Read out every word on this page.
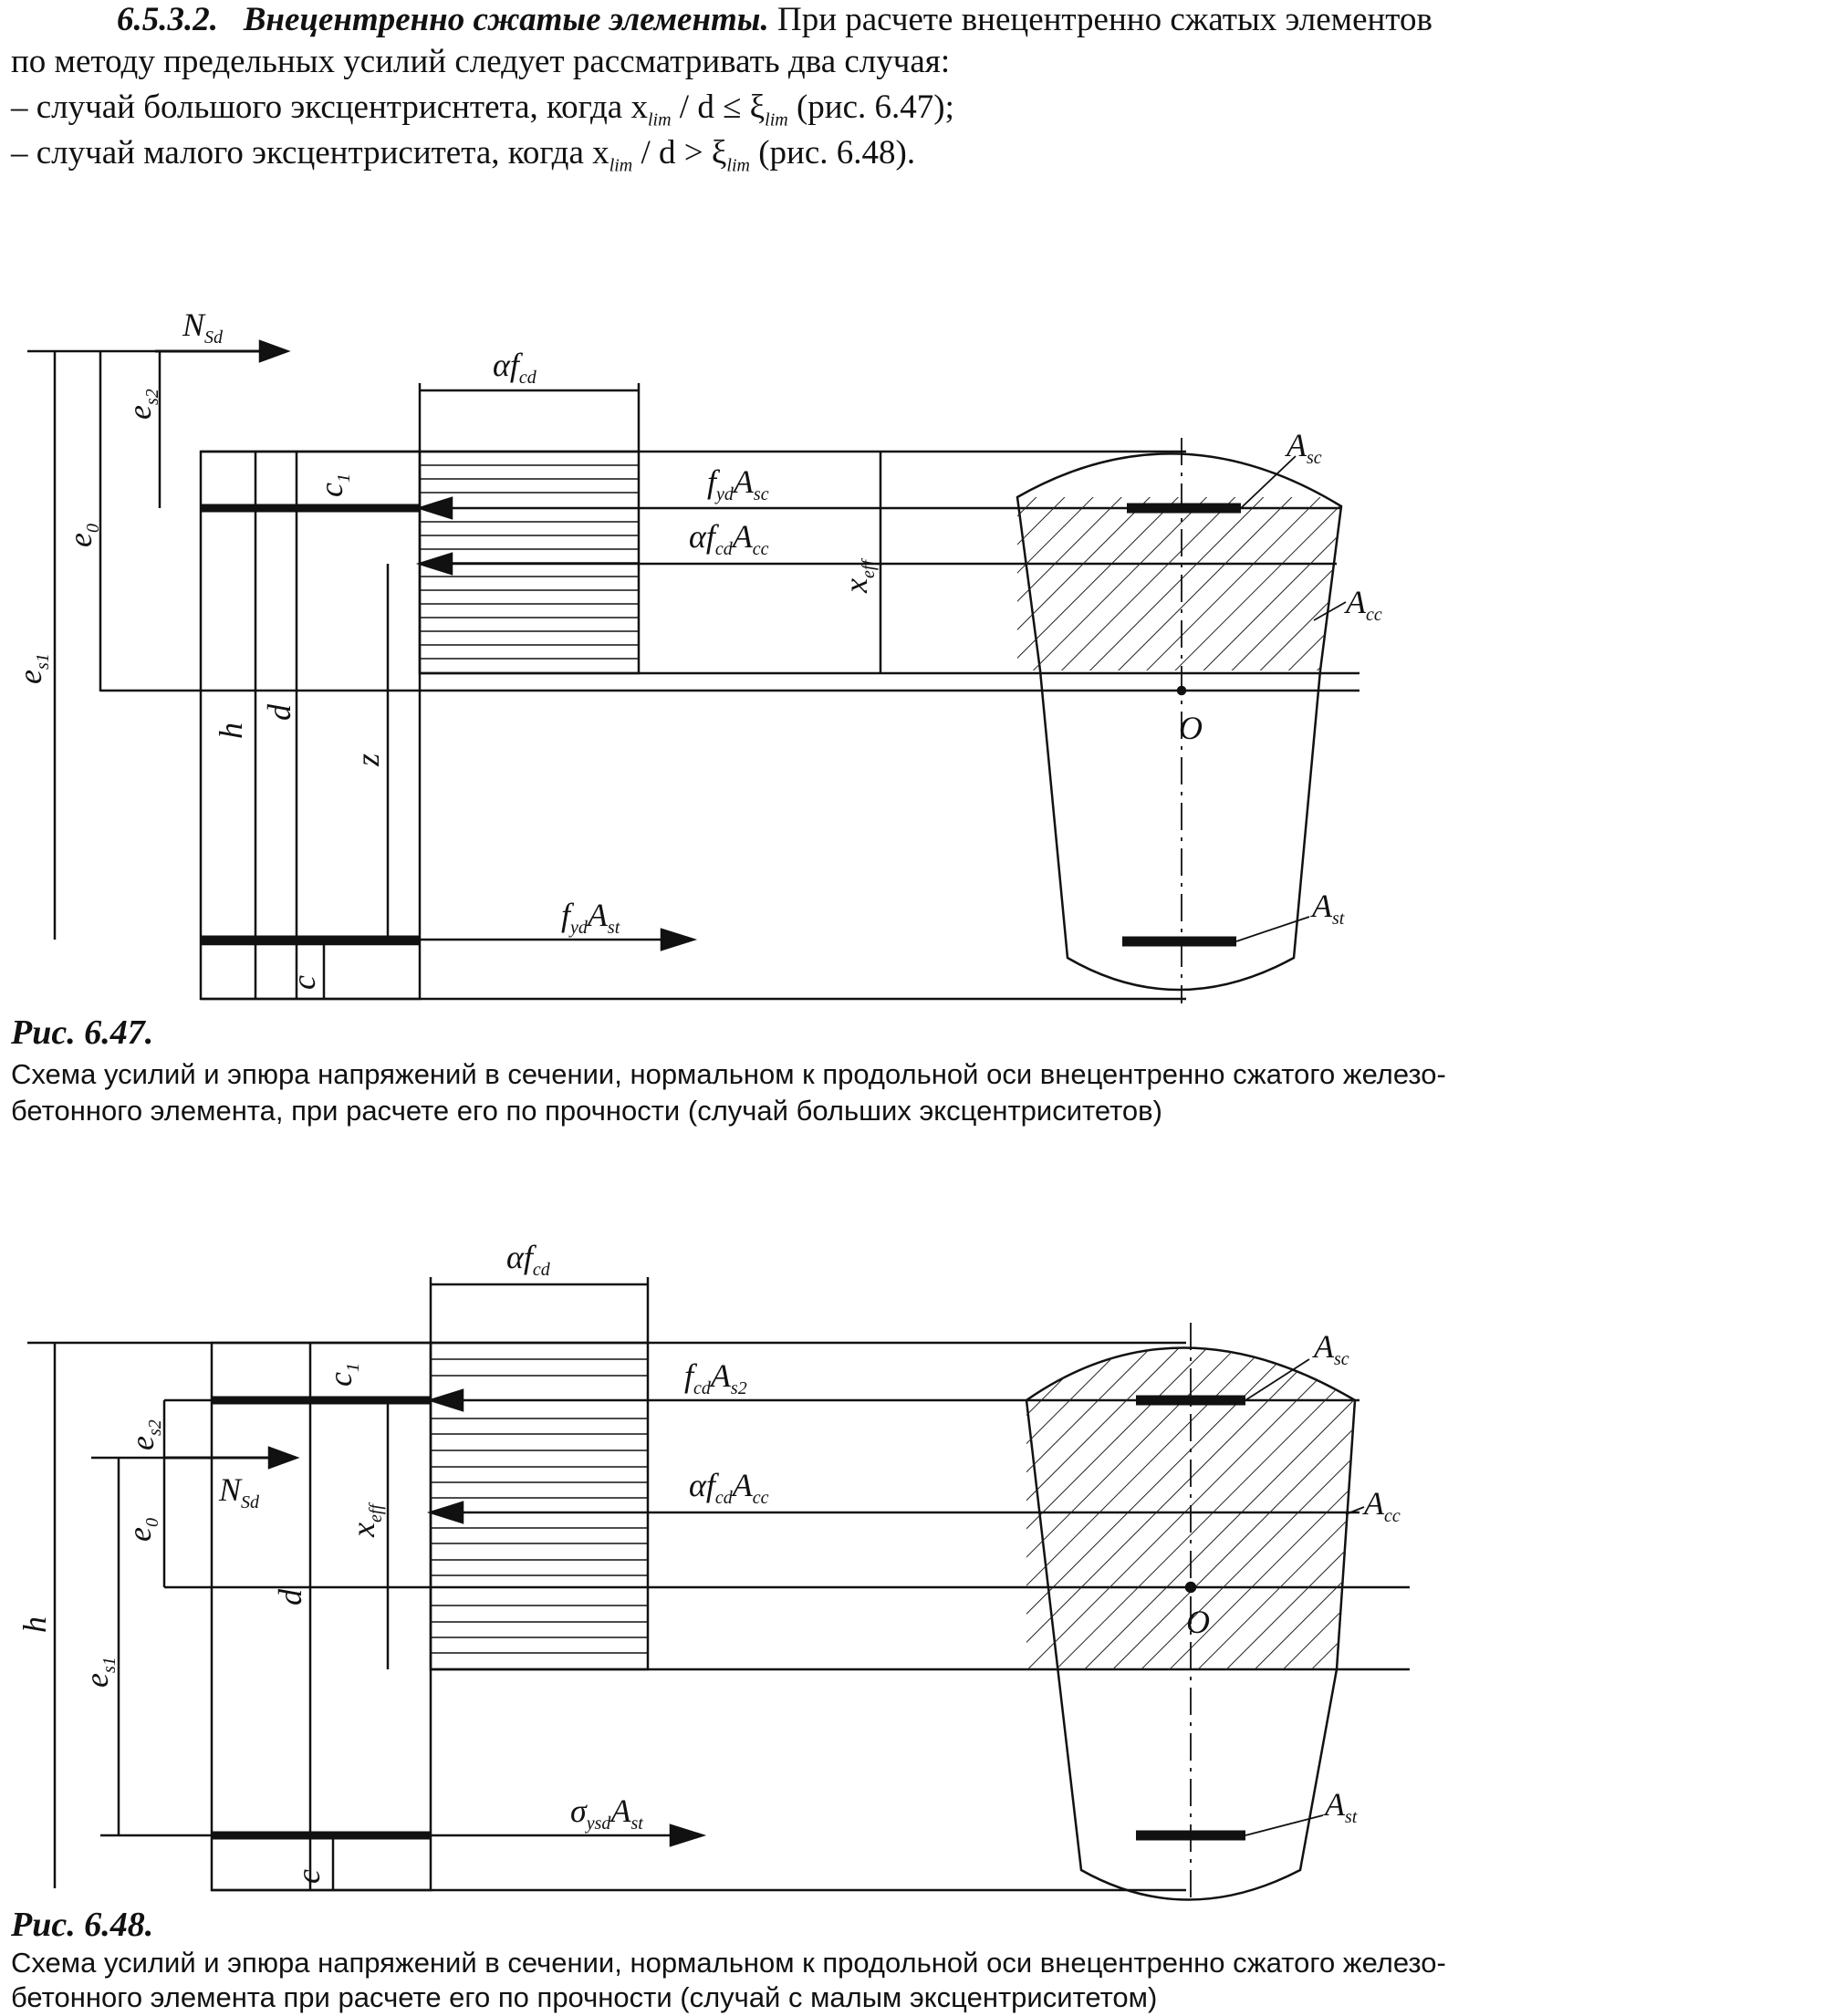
6.5.3.2. Внецентренно сжатые элементы. При расчете внецентренно сжатых элементов
по методу предельных усилий следует рассматривать два случая:
– случай большого эксцентриснтета, когда $x_{lim} / d \le \xi_{lim}$ (рис. 6.47);
– случай малого эксцентриситета, когда $x_{lim} / d > \xi_{lim}$ (рис. 6.48).
$N_{Sd}$
$\alpha f_{cd}$
$e_{s2}$
$e_0$
$e_{s1}$
$c_1$	$f_{yd}A_{sc}$
$\alpha f_{cd}A_{cc}$
$x_{eff}$
h
d
z
c
$f_{yd}A_{st}$
$A_{sc}$
$A_{cc}$
$A_{st}$
O
Рис. 6.47.
Схема усилий и эпюра напряжений в сечении, нормальном к продольной оси внецентренно сжатого железо-
бетонного элемента, при расчете его по прочности (случай больших эксцентриситетов)
$\alpha f_{cd}$
$c_1$	$f_{cd}A_{s2}$
$e_{s2}$
$N_{Sd}$
$e_0$	$x_{eff}$
$\alpha f_{cd}A_{cc}$
h
$e_{s1}$
d
c
$\sigma_{ysd}A_{st}$
$A_{sc}$
$A_{cc}$
$A_{st}$
O
Рис. 6.48.
Схема усилий и эпюра напряжений в сечении, нормальном к продольной оси внецентренно сжатого железо-
бетонного элемента при расчете его по прочности (случай с малым эксцентриситетом)
